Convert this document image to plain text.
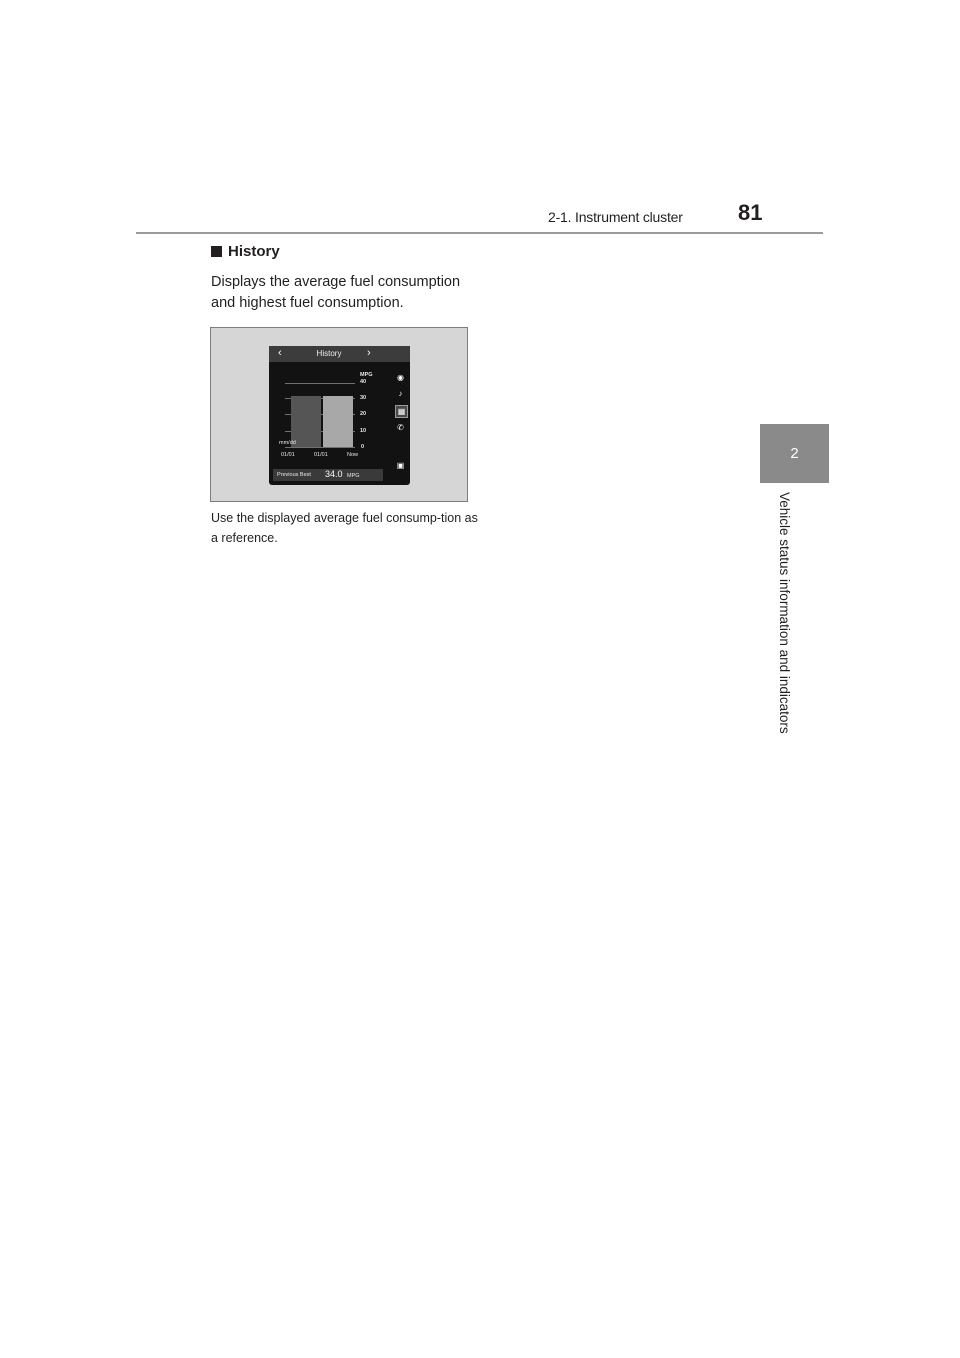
2-1. Instrument cluster	81
2
Vehicle status information and indicators
History
Displays the average fuel consumption and highest fuel consumption.
‹	History	›
MPG
40
30
20
10
0
mm/dd
01/01	01/01	Now
◉
♪
▦
✆
▣
Previous Best 34.0 MPG
Use the displayed average fuel consump-tion as a reference.
